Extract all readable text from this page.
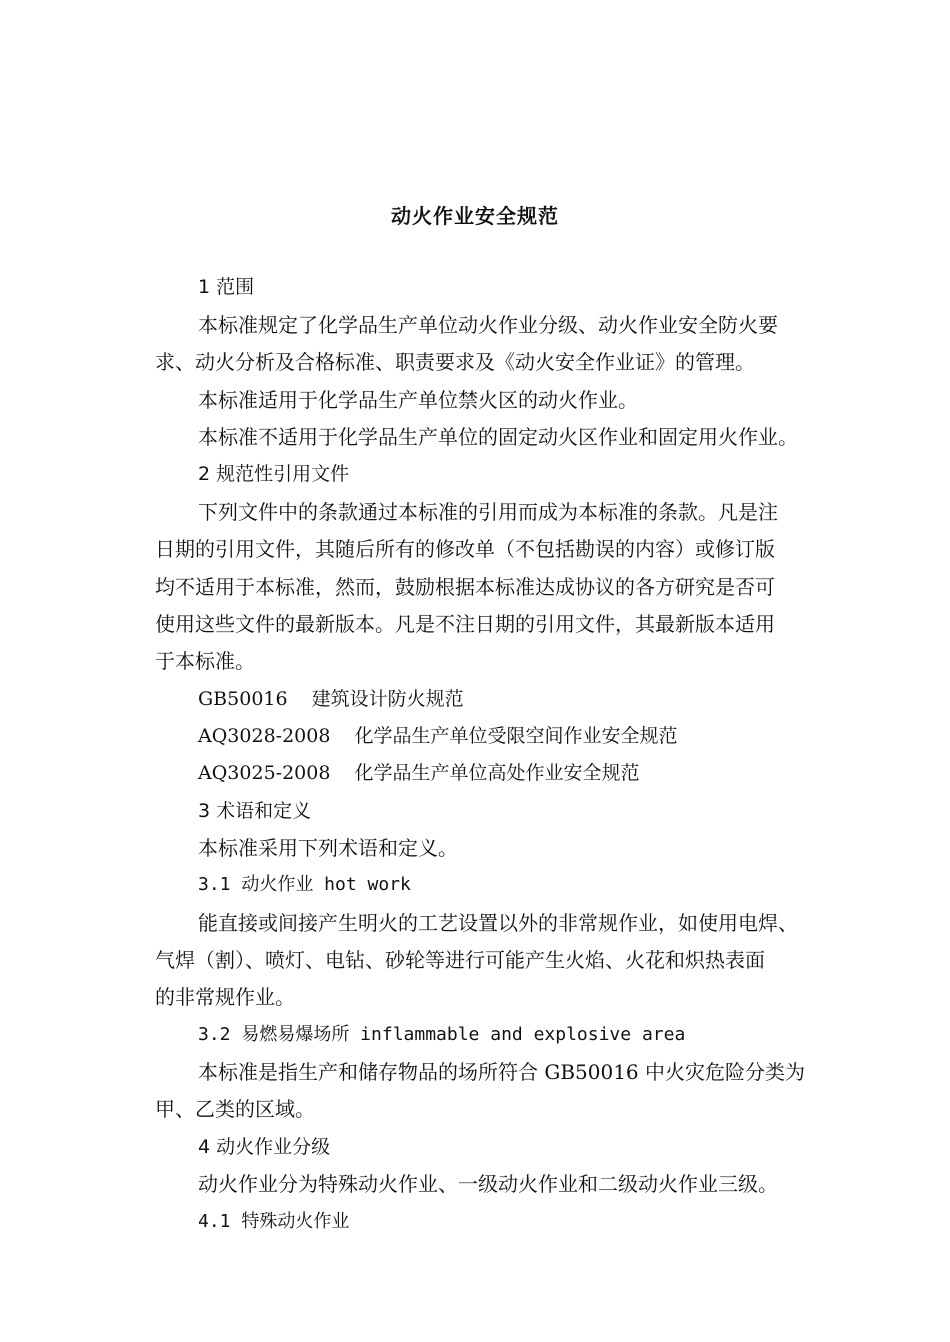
动火作业安全规范

1 范围

本标准规定了化学品生产单位动火作业分级、动火作业安全防火要

求、动火分析及合格标准、职责要求及《动火安全作业证》的管理。

本标准适用于化学品生产单位禁火区的动火作业。

本标准不适用于化学品生产单位的固定动火区作业和固定用火作业。

2 规范性引用文件

下列文件中的条款通过本标准的引用而成为本标准的条款。凡是注

日期的引用文件，其随后所有的修改单（不包括勘误的内容）或修订版

均不适用于本标准，然而，鼓励根据本标准达成协议的各方研究是否可

使用这些文件的最新版本。凡是不注日期的引用文件，其最新版本适用

于本标准。

GB50016 建筑设计防火规范

AQ3028-2008 化学品生产单位受限空间作业安全规范

AQ3025-2008 化学品生产单位高处作业安全规范

3 术语和定义

本标准采用下列术语和定义。

3.1 动火作业 hot work

能直接或间接产生明火的工艺设置以外的非常规作业，如使用电焊、

气焊（割）、喷灯、电钻、砂轮等进行可能产生火焰、火花和炽热表面

的非常规作业。

3.2 易燃易爆场所 inflammable and explosive area

本标准是指生产和储存物品的场所符合 GB50016 中火灾危险分类为

甲、乙类的区域。

4 动火作业分级

动火作业分为特殊动火作业、一级动火作业和二级动火作业三级。

4.1 特殊动火作业
